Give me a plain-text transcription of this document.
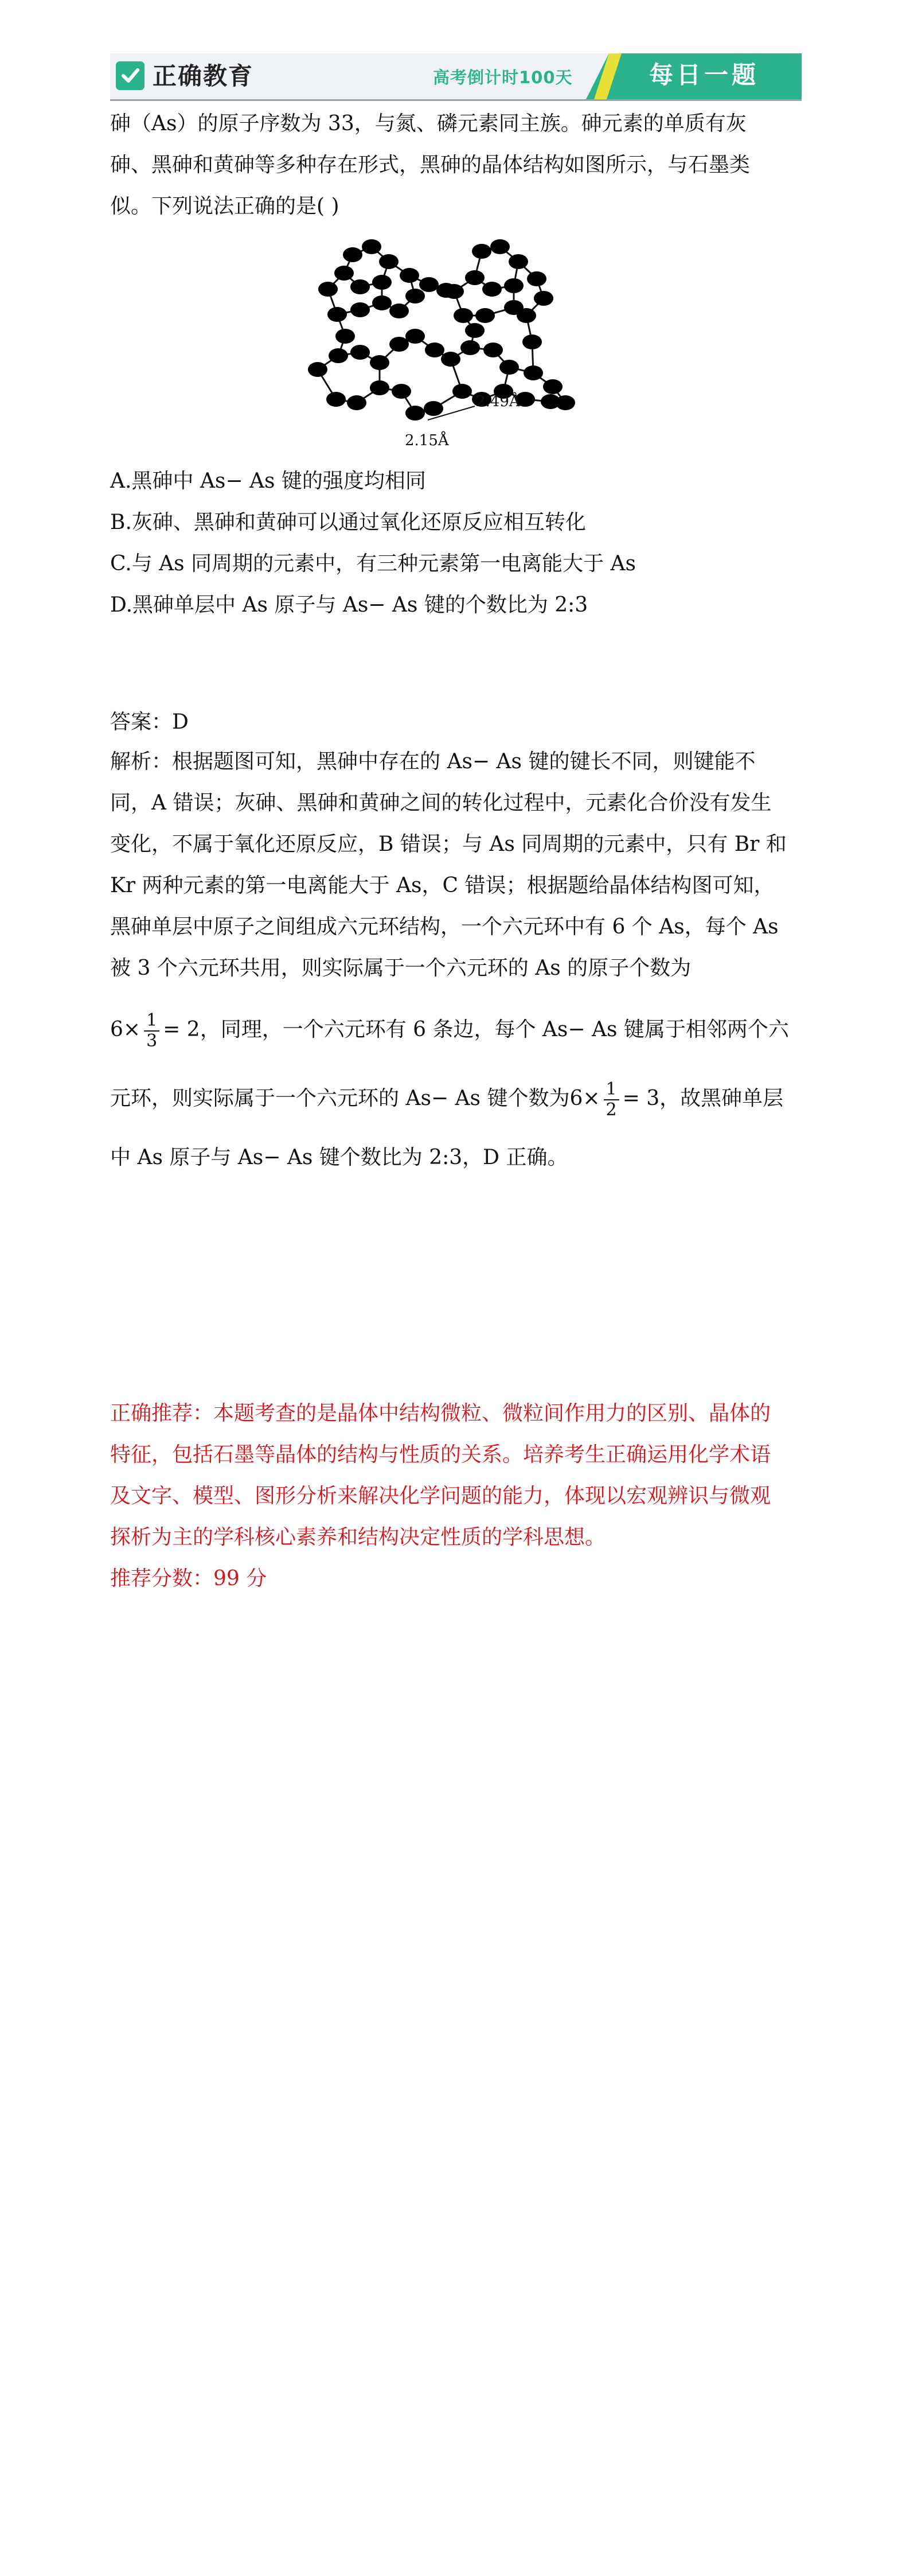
正确教育	高考倒计时100天	每日一题

砷（As）的原子序数为 33，与氮、磷元素同主族。砷元素的单质有灰

砷、黑砷和黄砷等多种存在形式，黑砷的晶体结构如图所示，与石墨类

似。下列说法正确的是( )

2.15Å
2.49Å
A.黑砷中 As− As 键的强度均相同
B.灰砷、黑砷和黄砷可以通过氧化还原反应相互转化
C.与 As 同周期的元素中，有三种元素第一电离能大于 As
D.黑砷单层中 As 原子与 As− As 键的个数比为 2:3
答案：D

解析：根据题图可知，黑砷中存在的 As− As 键的键长不同，则键能不

同，A 错误；灰砷、黑砷和黄砷之间的转化过程中，元素化合价没有发生

变化，不属于氧化还原反应，B 错误；与 As 同周期的元素中，只有 Br 和

Kr 两种元素的第一电离能大于 As，C 错误；根据题给晶体结构图可知，

黑砷单层中原子之间组成六元环结构，一个六元环中有 6 个 As，每个 As

被 3 个六元环共用，则实际属于一个六元环的 As 的原子个数为

$6\times \frac{1}{3} = 2$，同理，一个六元环有 6 条边，每个 As− As 键属于相邻两个六

元环，则实际属于一个六元环的 As− As 键个数为$6\times \frac{1}{2} = 3$，故黑砷单层

中 As 原子与 As− As 键个数比为 2:3，D 正确。

正确推荐：本题考查的是晶体中结构微粒、微粒间作用力的区别、晶体的

特征，包括石墨等晶体的结构与性质的关系。培养考生正确运用化学术语

及文字、模型、图形分析来解决化学问题的能力，体现以宏观辨识与微观

探析为主的学科核心素养和结构决定性质的学科思想。

推荐分数：99 分
